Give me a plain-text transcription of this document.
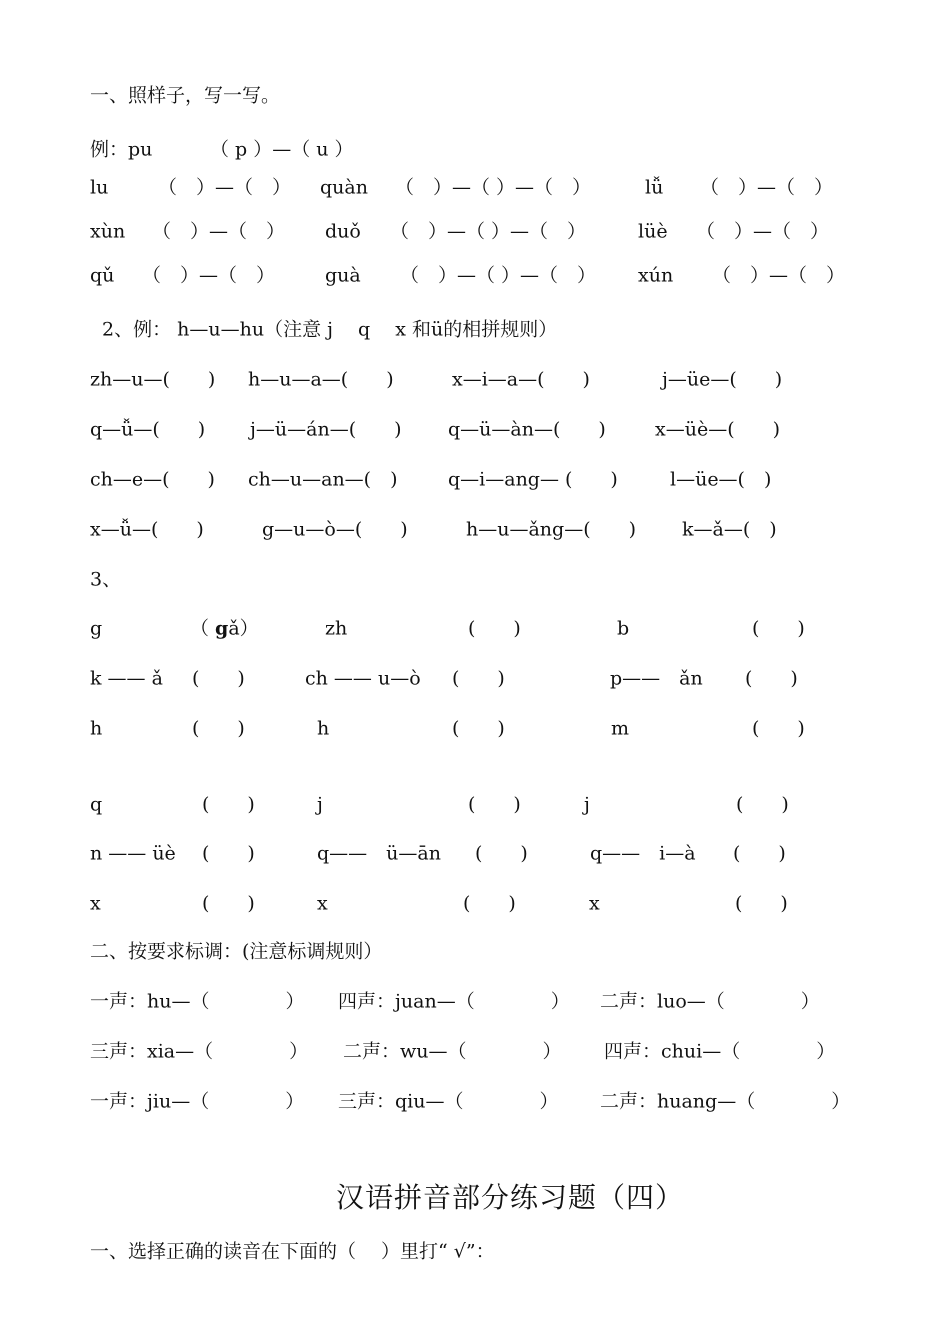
一、照样子，写一写。
例：pu	（ p ）—（ u ）
lu	（　）—（　） quàn （　）—（ ）—（　）	lǚ （　）—（　）
xùn （　）—（　） duǒ （　）—（ ）—（　）	lüè （　）—（　）
qǔ （　）—（　）	guà （　）—（ ）—（　） xún （　）—（　）
2、例： h—u—hu（注意 j　 q　 x 和ü的相拼规则）
zh—u—(　　) h—u—a—(　　)	x—i—a—(　　)	j—üe—(　　)
q—ǚ—(　　) j—ü—án—(　　) q—ü—àn—(　　)	x—üè—(　　)
ch—e—(　　) ch—u—an—(　)	q—i—ang— (　　)	l—üe—(　)
x—ǚ—(　　)	g—u—ò—(　　)	h—u—ǎng—(　　) k—ǎ—(　)
3、
g	（ gǎ）	zh	(　　)	b	(　　)
k —— ǎ (　　)	ch —— u—ò (　　)	p——　ǎn (　　)
h	(　　)	h	(　　)	m	(　　)
q	(　　)	j	(　　)	j	(　　)
n —— üè (　　)	q——　ü—ān (　　)	q——　i—à (　　)
x	(　　)	x	(　　)	x	(　　)
二、按要求标调：(注意标调规则）
一声：hu—（　　　　） 四声：juan—（　　　　） 二声：luo—（　　　　）
三声：xia—（　　　　） 二声：wu—（　　　　） 四声：chui—（　　　　）
一声：jiu—（　　　　） 三声：qiu—（　　　　） 二声：huang—（　　　　）
汉语拼音部分练习题（四）
一、选择正确的读音在下面的（　 ）里打“ √”：
